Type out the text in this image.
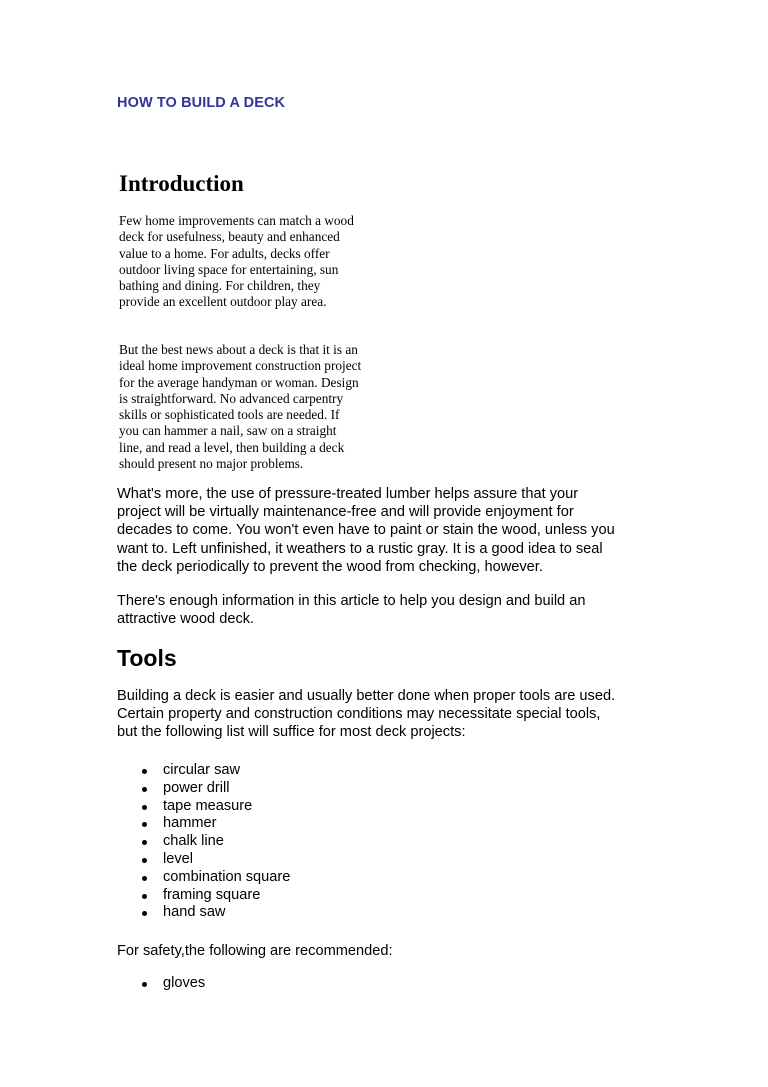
HOW TO BUILD A DECK
Introduction

Few home improvements can match a wood
deck for usefulness, beauty and enhanced
value to a home. For adults, decks offer
outdoor living space for entertaining, sun
bathing and dining. For children, they
provide an excellent outdoor play area.

But the best news about a deck is that it is an
ideal home improvement construction project
for the average handyman or woman. Design
is straightforward. No advanced carpentry
skills or sophisticated tools are needed. If
you can hammer a nail, saw on a straight
line, and read a level, then building a deck
should present no major problems.

What's more, the use of pressure-treated lumber helps assure that your
project will be virtually maintenance-free and will provide enjoyment for
decades to come. You won't even have to paint or stain the wood, unless you
want to. Left unfinished, it weathers to a rustic gray. It is a good idea to seal
the deck periodically to prevent the wood from checking, however.

There's enough information in this article to help you design and build an
attractive wood deck.

Tools

Building a deck is easier and usually better done when proper tools are used.
Certain property and construction conditions may necessitate special tools,
but the following list will suffice for most deck projects:

circular saw
power drill
tape measure
hammer
chalk line
level
combination square
framing square
hand saw

For safety,the following are recommended:

gloves
